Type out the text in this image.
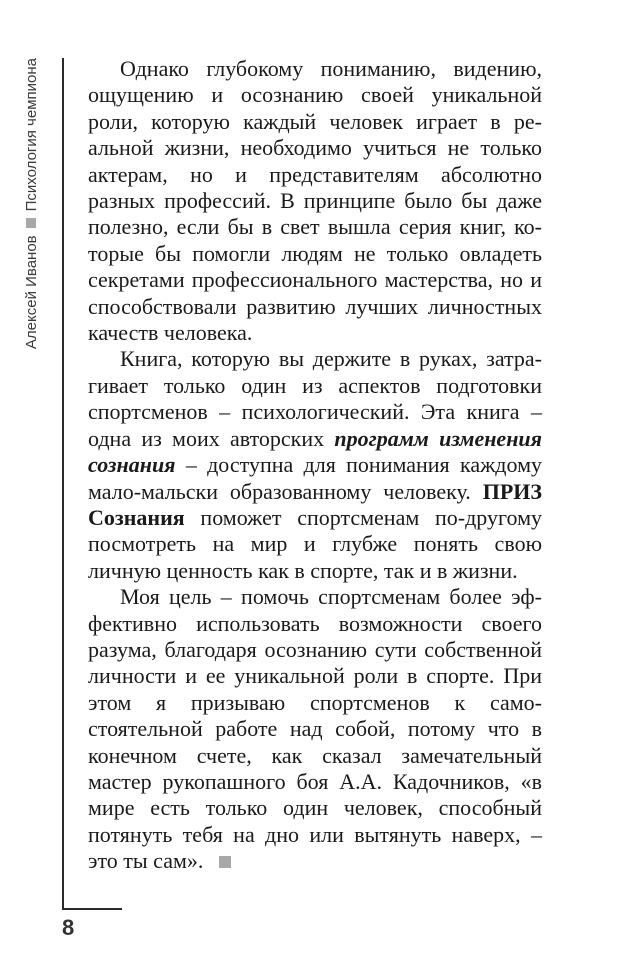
Алексей Иванов
Психология чемпиона	Однако глубокому пониманию, видению, ощущению и осознанию своей уникальной роли, которую каждый человек играет в реальной жизни, необходимо учиться не только актерам, но и представителям абсолютно разных профессий. В принципе было бы даже полезно, если бы в свет вышла серия книг, которые бы помогли людям не только овладеть секретами профессионального мастерства, но и способствовали развитию лучших личностных качеств человека.

Книга, которую вы держите в руках, затрагивает только один из аспектов подготовки спортсменов – психологический. Эта книга – одна из моих авторских программ изменения сознания – доступна для понимания каждому мало-мальски образованному человеку. ПРИЗ Сознания поможет спортсменам по-другому посмотреть на мир и глубже понять свою личную ценность как в спорте, так и в жизни.

Моя цель – помочь спортсменам более эффективно использовать возможности своего разума, благодаря осознанию сути собственной личности и ее уникальной роли в спорте. При этом я призываю спортсменов к самостоятельной работе над собой, потому что в конечном счете, как сказал замечательный мастер рукопашного боя А.А. Кадочников, «в мире есть только один человек, способный потянуть тебя на дно или вытянуть наверх, – это ты сам».

8
